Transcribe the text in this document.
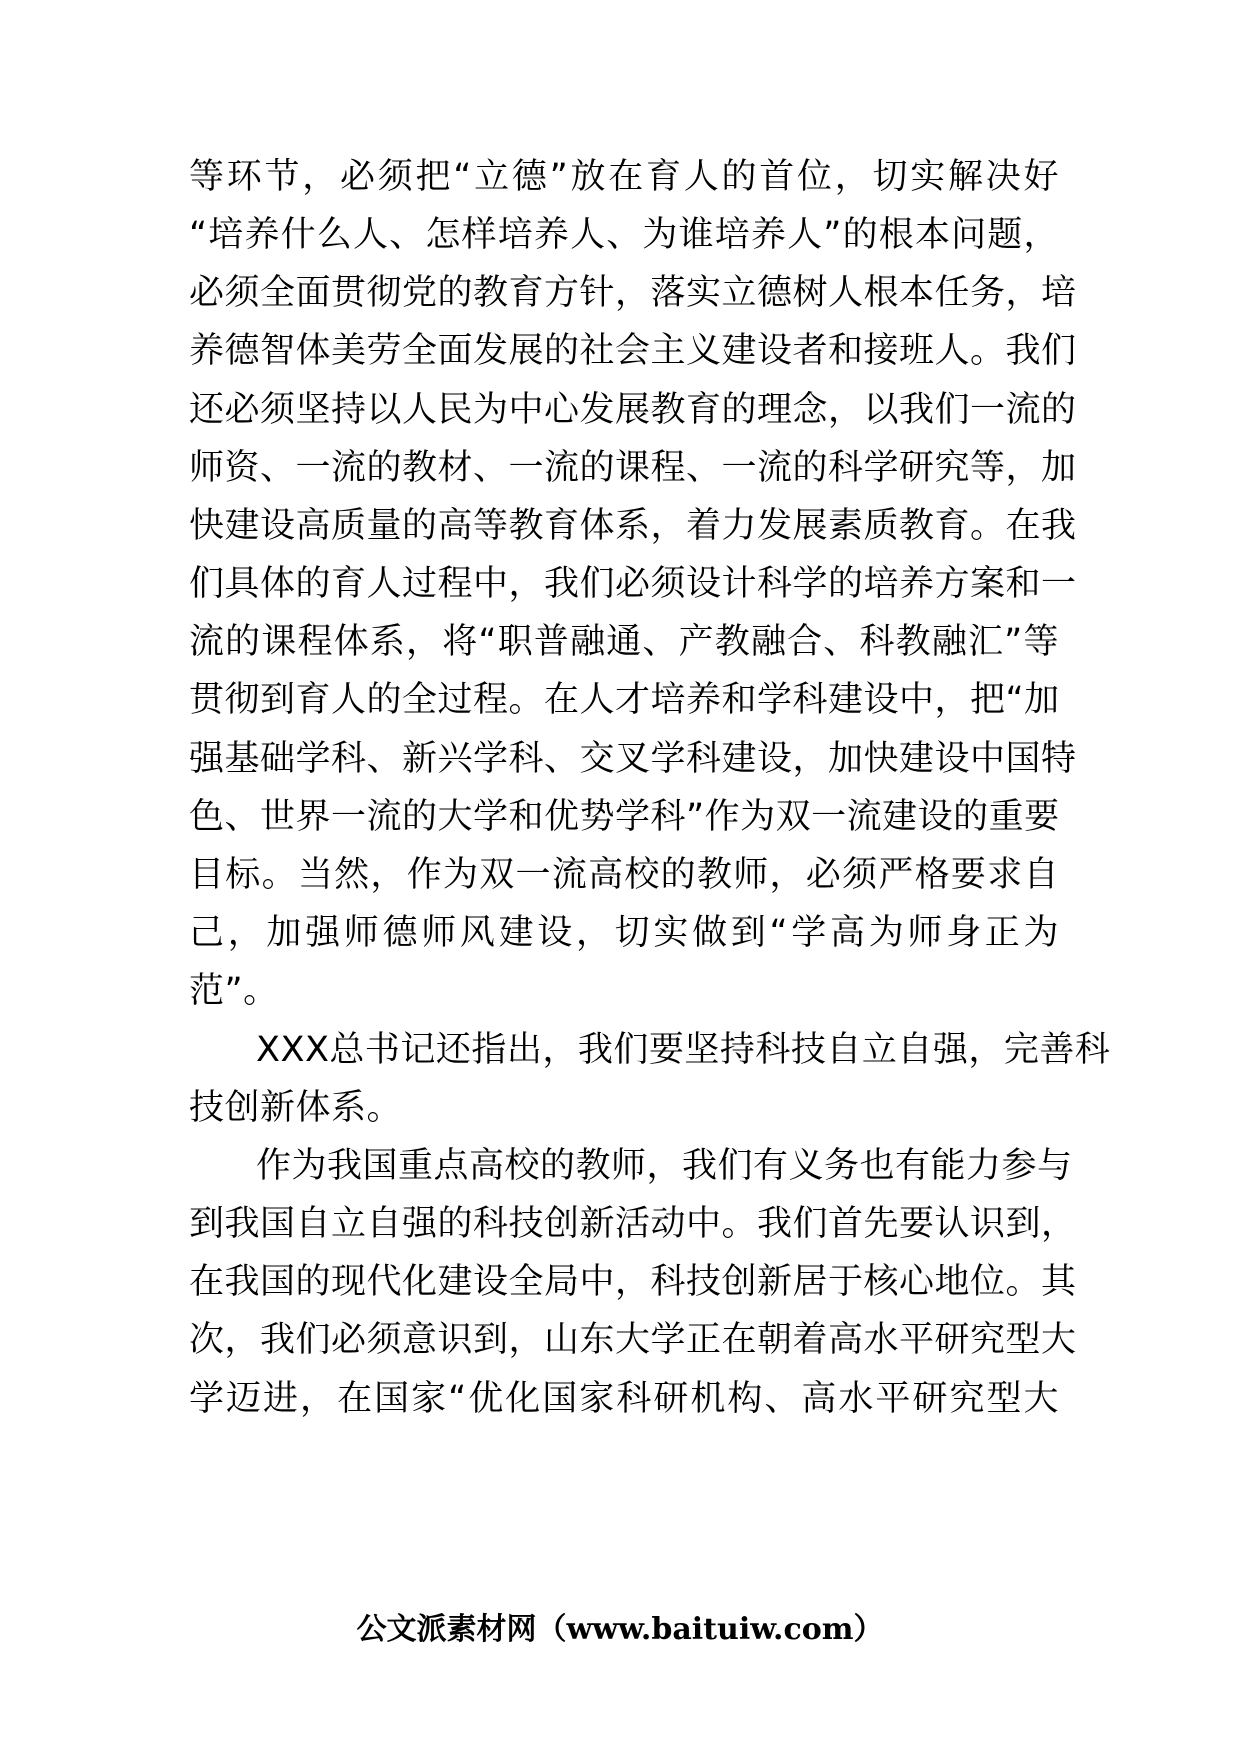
等环节，必须把“立德”放在育人的首位，切实解决好
“培养什么人、怎样培养人、为谁培养人”的根本问题，
必须全面贯彻党的教育方针，落实立德树人根本任务，培
养德智体美劳全面发展的社会主义建设者和接班人。我们
还必须坚持以人民为中心发展教育的理念，以我们一流的
师资、一流的教材、一流的课程、一流的科学研究等，加
快建设高质量的高等教育体系，着力发展素质教育。在我
们具体的育人过程中，我们必须设计科学的培养方案和一
流的课程体系，将“职普融通、产教融合、科教融汇”等
贯彻到育人的全过程。在人才培养和学科建设中，把“加
强基础学科、新兴学科、交叉学科建设，加快建设中国特
色、世界一流的大学和优势学科”作为双一流建设的重要
目标。当然，作为双一流高校的教师，必须严格要求自
己，加强师德师风建设，切实做到“学高为师身正为
范”。
XXX总书记还指出，我们要坚持科技自立自强，完善科
技创新体系。
作为我国重点高校的教师，我们有义务也有能力参与
到我国自立自强的科技创新活动中。我们首先要认识到，
在我国的现代化建设全局中，科技创新居于核心地位。其
次，我们必须意识到，山东大学正在朝着高水平研究型大
学迈进，在国家“优化国家科研机构、高水平研究型大
公文派素材网（www.baituiw.com）
